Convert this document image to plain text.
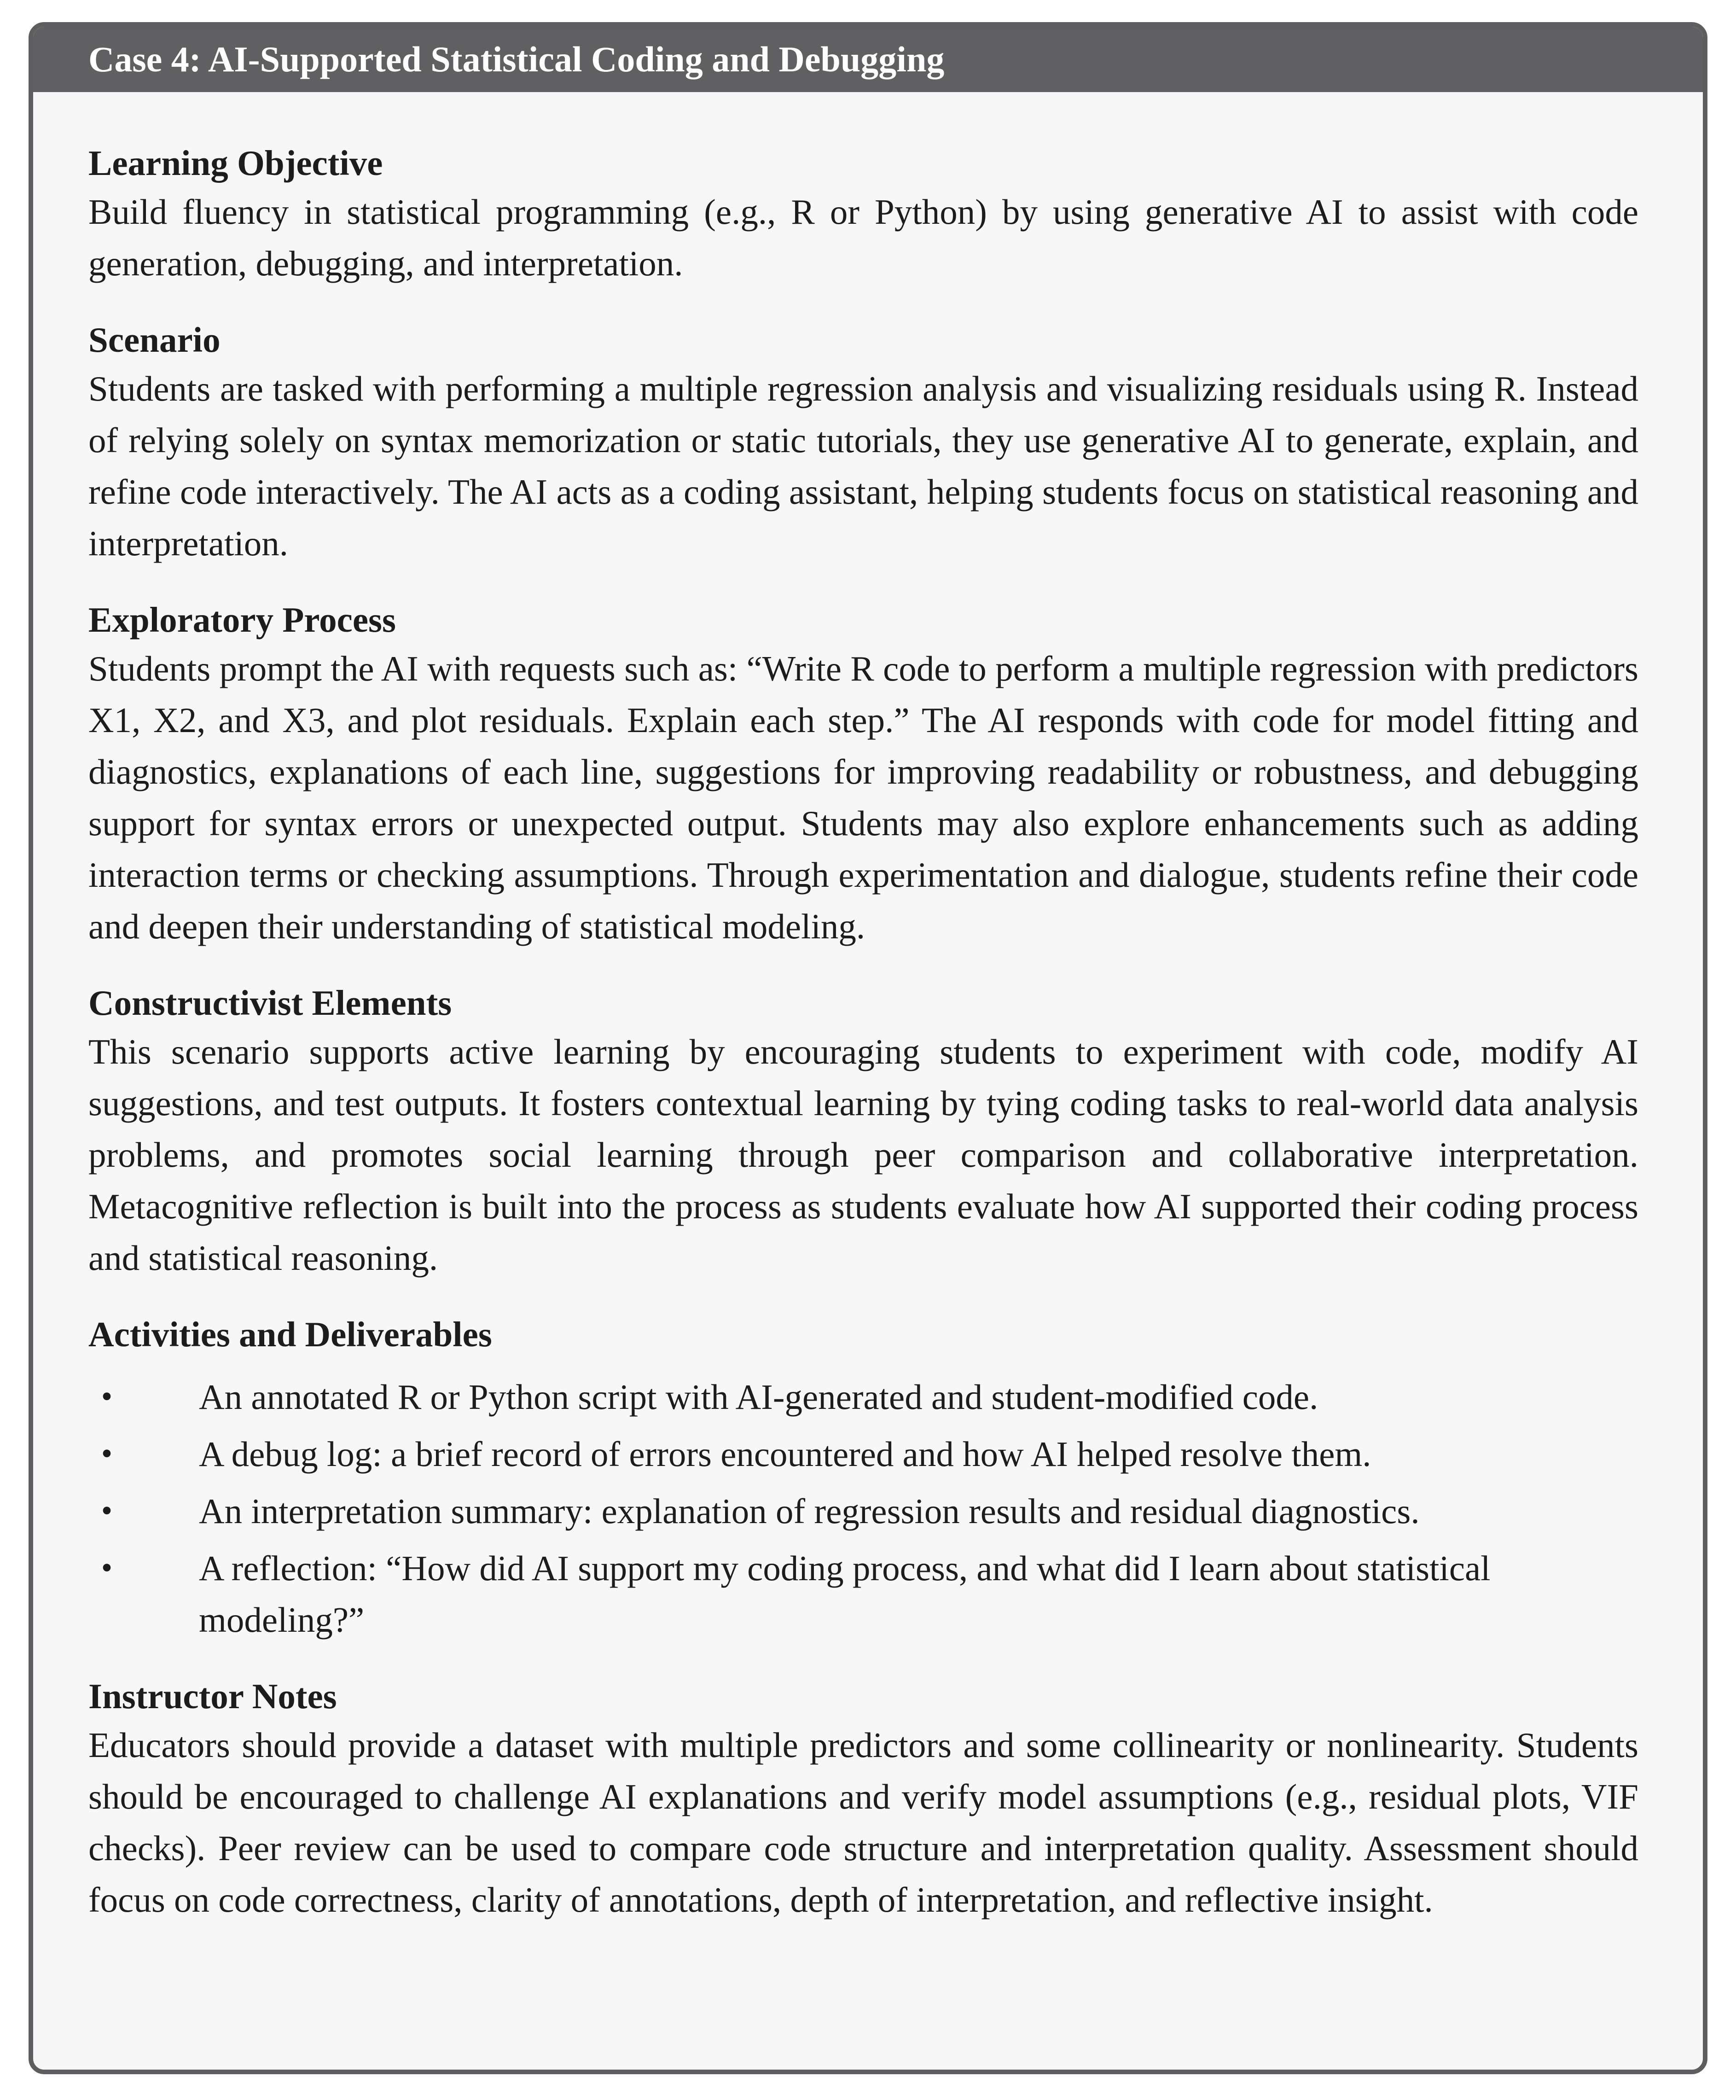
Case 4: AI-Supported Statistical Coding and Debugging
Learning Objective

Build fluency in statistical programming (e.g., R or Python) by using generative AI to assist with code generation, debugging, and interpretation.

Scenario

Students are tasked with performing a multiple regression analysis and visualizing residuals using R. Instead of relying solely on syntax memorization or static tutorials, they use generative AI to generate, explain, and refine code interactively. The AI acts as a coding assistant, helping students focus on statistical reasoning and interpretation.

Exploratory Process

Students prompt the AI with requests such as: “Write R code to perform a multiple regression with predictors X1, X2, and X3, and plot residuals. Explain each step.” The AI responds with code for model fitting and diagnostics, explanations of each line, suggestions for improving readability or robustness, and debugging support for syntax errors or unexpected output. Students may also explore enhancements such as adding interaction terms or checking assumptions. Through experimentation and dialogue, students refine their code and deepen their understanding of statistical modeling.

Constructivist Elements

This scenario supports active learning by encouraging students to experiment with code, modify AI suggestions, and test outputs. It fosters contextual learning by tying coding tasks to real-world data analysis problems, and promotes social learning through peer comparison and collaborative interpretation. Metacognitive reflection is built into the process as students evaluate how AI supported their coding process and statistical reasoning.

Activities and Deliverables
•	An annotated R or Python script with AI-generated and student-modified code.
•	A debug log: a brief record of errors encountered and how AI helped resolve them.
•	An interpretation summary: explanation of regression results and residual diagnostics.
•	A reflection: “How did AI support my coding process, and what did I learn about statistical modeling?”
Instructor Notes

Educators should provide a dataset with multiple predictors and some collinearity or nonlinearity. Students should be encouraged to challenge AI explanations and verify model assumptions (e.g., residual plots, VIF checks). Peer review can be used to compare code structure and interpretation quality. Assessment should focus on code correctness, clarity of annotations, depth of interpretation, and reflective insight.
